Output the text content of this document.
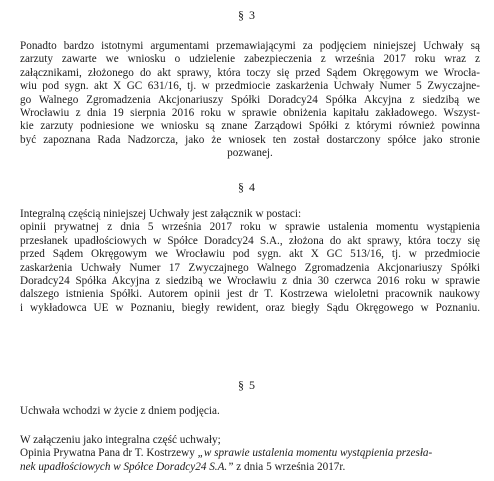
§ 3
Ponadto bardzo istotnymi argumentami przemawiającymi za podjęciem niniejszej Uchwały są
zarzuty zawarte we wniosku o udzielenie zabezpieczenia z września 2017 roku wraz z
załącznikami, złożonego do akt sprawy, która toczy się przed Sądem Okręgowym we Wrocła-
wiu pod sygn. akt X GC 631/16, tj. w przedmiocie zaskarżenia Uchwały Numer 5 Zwyczajne-
go Walnego Zgromadzenia Akcjonariuszy Spółki Doradcy24 Spółka Akcyjna z siedzibą we
Wrocławiu z dnia 19 sierpnia 2016 roku w sprawie obniżenia kapitału zakładowego. Wszyst-
kie zarzuty podniesione we wniosku są znane Zarządowi Spółki z którymi również powinna
być zapoznana Rada Nadzorcza, jako że wniosek ten został dostarczony spółce jako stronie
pozwanej.
§ 4
Integralną częścią niniejszej Uchwały jest załącznik w postaci:
opinii prywatnej z dnia 5 września 2017 roku w sprawie ustalenia momentu wystąpienia
przesłanek upadłościowych w Spółce Doradcy24 S.A., złożona do akt sprawy, która toczy się
przed Sądem Okręgowym we Wrocławiu pod sygn. akt X GC 513/16, tj. w przedmiocie
zaskarżenia Uchwały Numer 17 Zwyczajnego Walnego Zgromadzenia Akcjonariuszy Spółki
Doradcy24 Spółka Akcyjna z siedzibą we Wrocławiu z dnia 30 czerwca 2016 roku w sprawie
dalszego istnienia Spółki. Autorem opinii jest dr T. Kostrzewa wieloletni pracownik naukowy
i wykładowca UE w Poznaniu, biegły rewident, oraz biegły Sądu Okręgowego w Poznaniu.
§ 5
Uchwała wchodzi w życie z dniem podjęcia.
W załączeniu jako integralna część uchwały;
Opinia Prywatna Pana dr T. Kostrzewy „w sprawie ustalenia momentu wystąpienia przesła-
nek upadłościowych w Spółce Doradcy24 S.A.” z dnia 5 września 2017r.
